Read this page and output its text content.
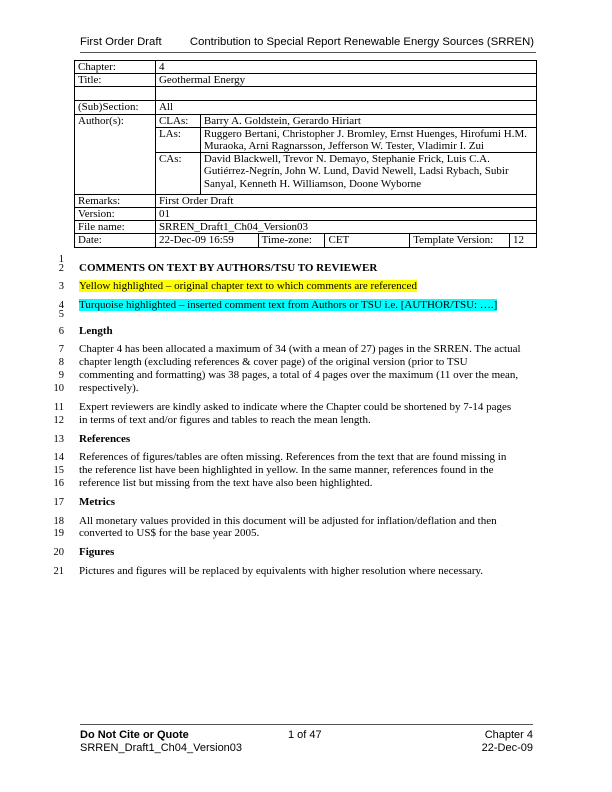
First Order Draft	Contribution to Special Report Renewable Energy Sources (SRREN)
Chapter:	4					
Title:	Geothermal Energy					

(Sub)Section:	All					
Author(s):	CLAs:	Barry A. Goldstein, Gerardo Hiriart				
	LAs:	Ruggero Bertani, Christopher J. Bromley, Ernst Huenges, Hirofumi H.M. Muraoka, Arni Ragnarsson, Jefferson W. Tester, Vladimir I. Zui				
	CAs:	David Blackwell, Trevor N. Demayo, Stephanie Frick, Luis C.A. Gutiérrez-Negrín, John W. Lund, David Newell, Ladsi Rybach, Subir Sanyal, Kenneth H. Williamson, Doone Wyborne				
Remarks:	First Order Draft					
Version:	01					
File name:	SRREN_Draft1_Ch04_Version03					
Date:	22-Dec-09 16:59		Time-zone:	CET	Template Version:	12
1
2 COMMENTS ON TEXT BY AUTHORS/TSU TO REVIEWER
3 Yellow highlighted – original chapter text to which comments are referenced
4 Turquoise highlighted – inserted comment text from Authors or TSU i.e. [AUTHOR/TSU: ….]
5
6 Length
7 Chapter 4 has been allocated a maximum of 34 (with a mean of 27) pages in the SRREN. The actual
8 chapter length (excluding references & cover page) of the original version (prior to TSU
9 commenting and formatting) was 38 pages, a total of 4 pages over the maximum (11 over the mean,
10 respectively).
11 Expert reviewers are kindly asked to indicate where the Chapter could be shortened by 7-14 pages
12 in terms of text and/or figures and tables to reach the mean length.
13 References
14 References of figures/tables are often missing. References from the text that are found missing in
15 the reference list have been highlighted in yellow. In the same manner, references found in the
16 reference list but missing from the text have also been highlighted.
17 Metrics
18 All monetary values provided in this document will be adjusted for inflation/deflation and then
19 converted to US$ for the base year 2005.
20 Figures
21 Pictures and figures will be replaced by equivalents with higher resolution where necessary.
Do Not Cite or Quote
SRREN_Draft1_Ch04_Version03
1 of 47	Chapter 4
22-Dec-09
